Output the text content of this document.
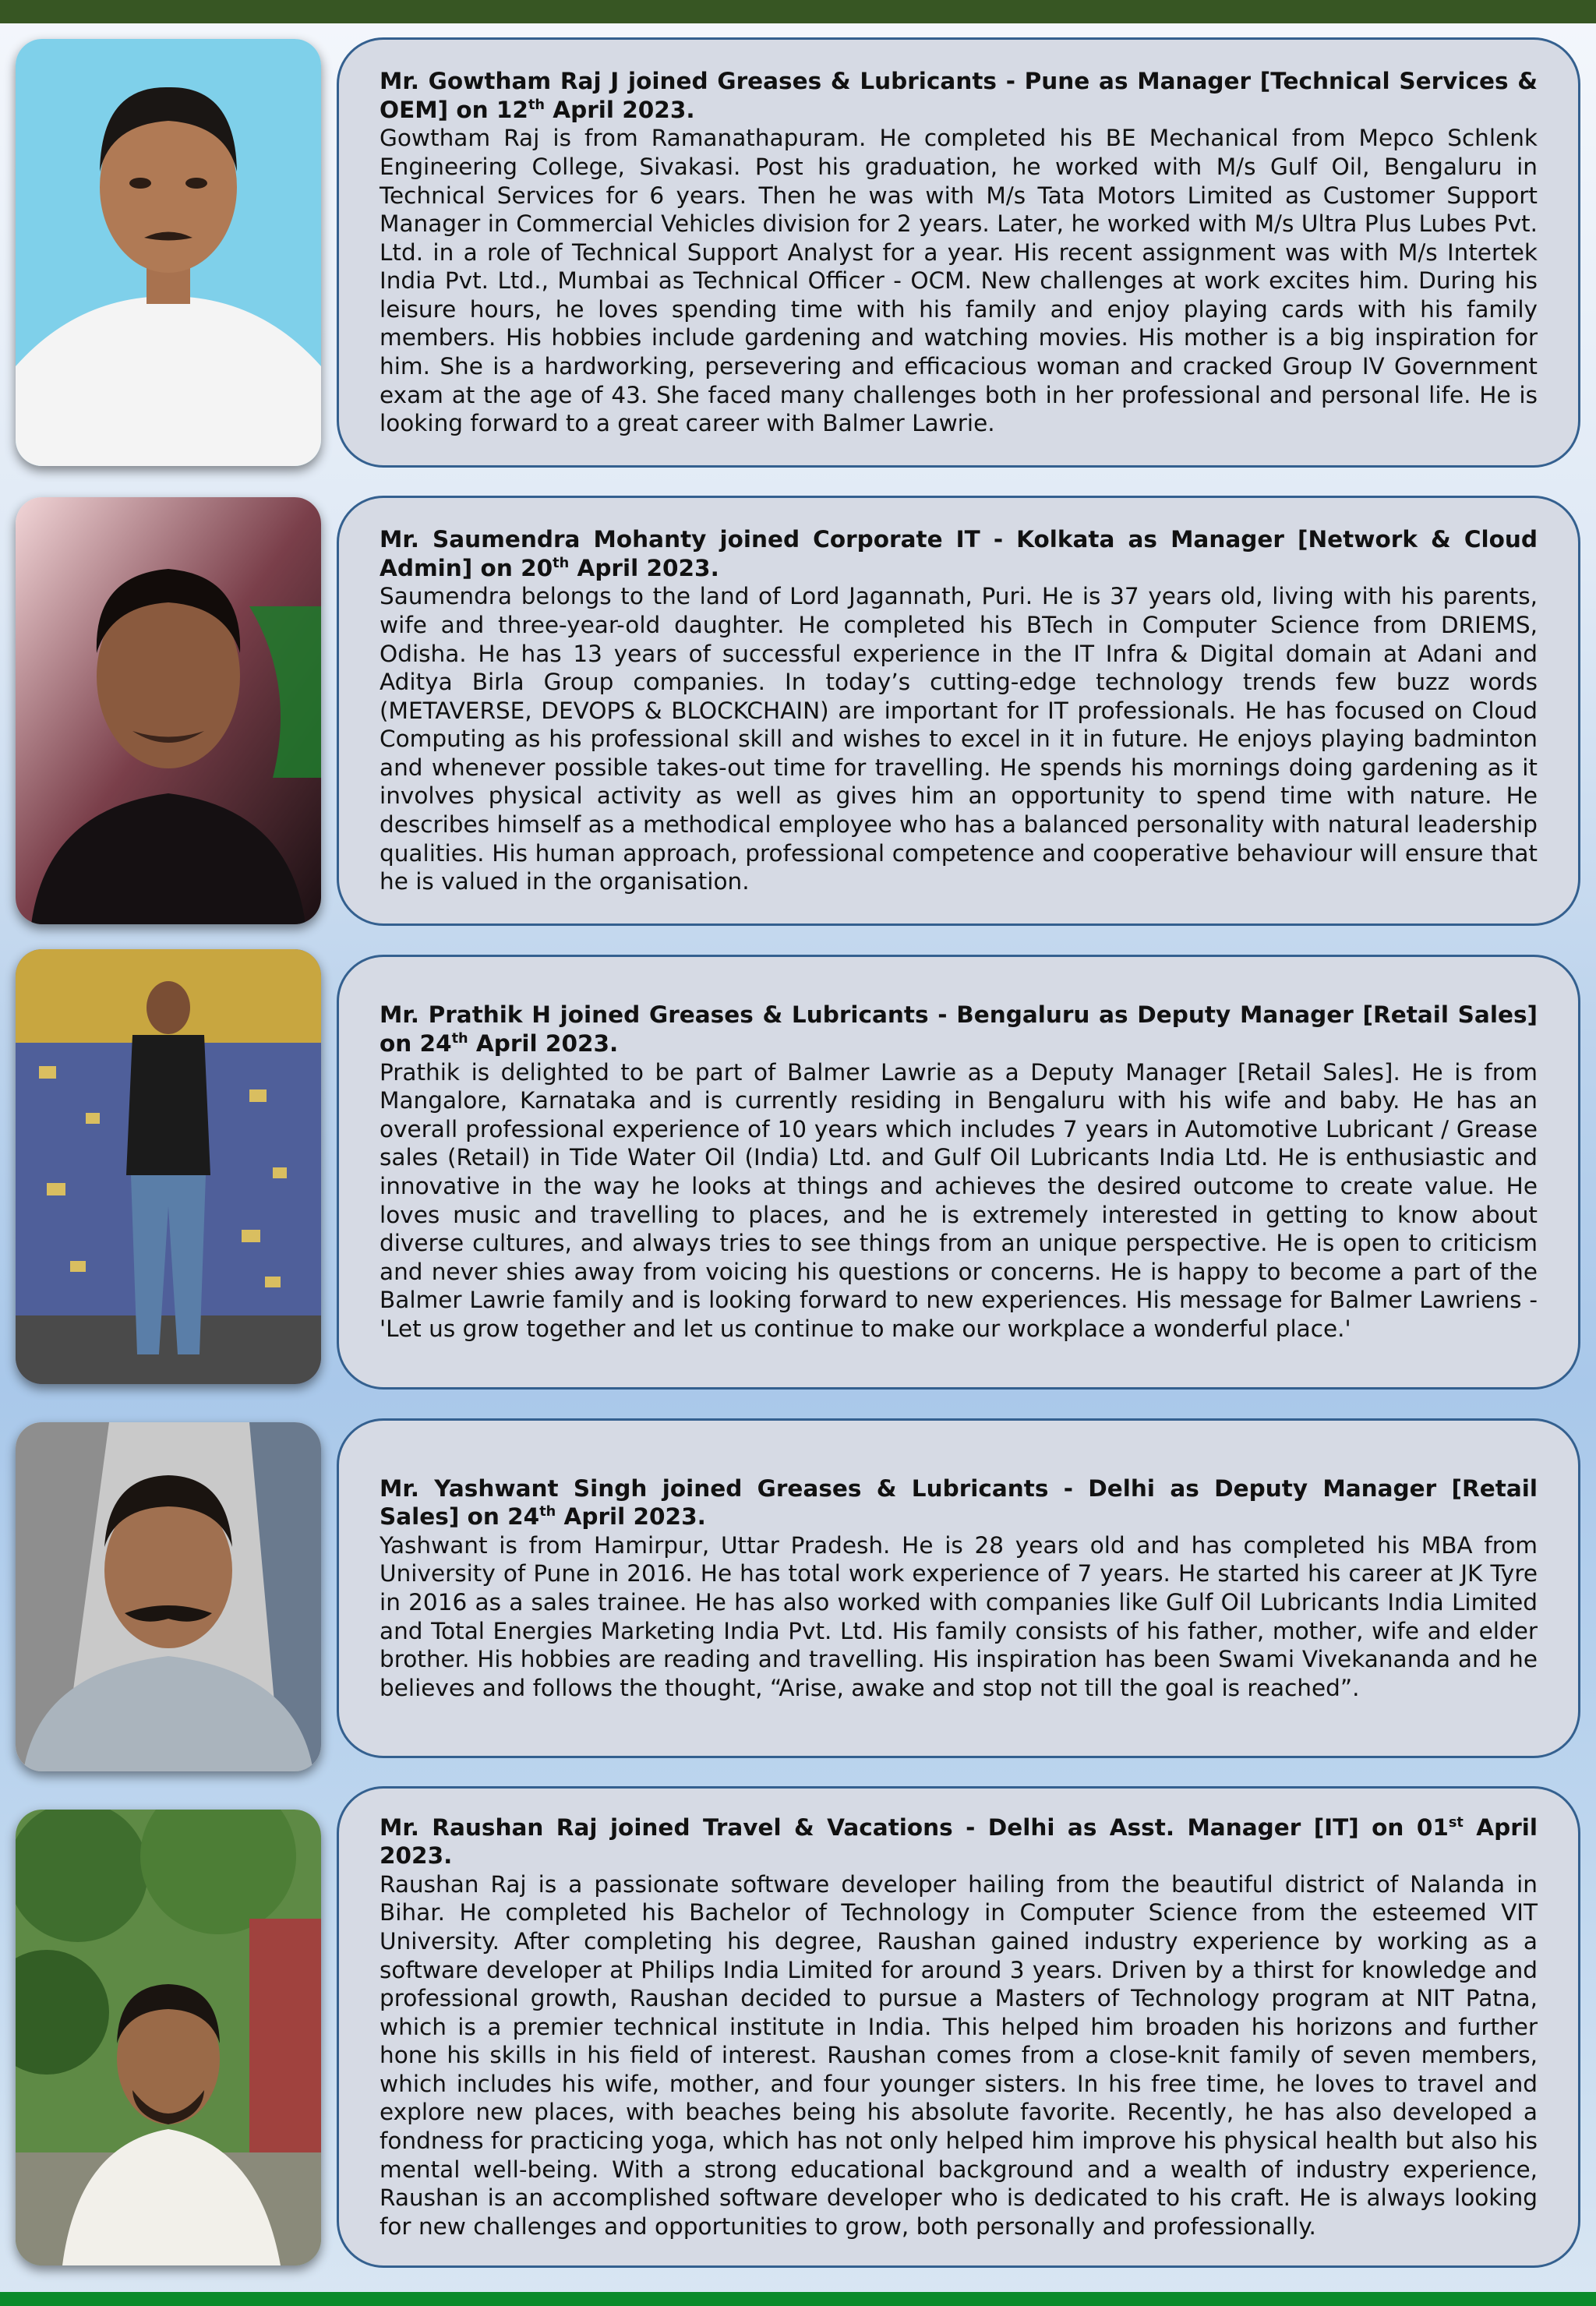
Mr. Gowtham Raj J joined Greases & Lubricants - Pune as Manager [Technical Services & OEM] on 12th April 2023.
Gowtham Raj is from Ramanathapuram. He completed his BE Mechanical from Mepco Schlenk Engineering College, Sivakasi. Post his graduation, he worked with M/s Gulf Oil, Bengaluru in Technical Services for 6 years. Then he was with M/s Tata Motors Limited as Customer Support Manager in Commercial Vehicles division for 2 years. Later, he worked with M/s Ultra Plus Lubes Pvt. Ltd. in a role of Technical Support Analyst for a year. His recent assignment was with M/s Intertek India Pvt. Ltd., Mumbai as Technical Officer - OCM. New challenges at work excites him. During his leisure hours, he loves spending time with his family and enjoy playing cards with his family members. His hobbies include gardening and watching movies. His mother is a big inspiration for him. She is a hardworking, persevering and efficacious woman and cracked Group IV Government exam at the age of 43. She faced many challenges both in her professional and personal life. He is looking forward to a great career with Balmer Lawrie.
Mr. Saumendra Mohanty joined Corporate IT - Kolkata as Manager [Network & Cloud Admin] on 20th April 2023.
Saumendra belongs to the land of Lord Jagannath, Puri. He is 37 years old, living with his parents, wife and three-year-old daughter. He completed his BTech in Computer Science from DRIEMS, Odisha. He has 13 years of successful experience in the IT Infra & Digital domain at Adani and Aditya Birla Group companies. In today’s cutting-edge technology trends few buzz words (METAVERSE, DEVOPS & BLOCKCHAIN) are important for IT professionals. He has focused on Cloud Computing as his professional skill and wishes to excel in it in future. He enjoys playing badminton and whenever possible takes-out time for travelling. He spends his mornings doing gardening as it involves physical activity as well as gives him an opportunity to spend time with nature. He describes himself as a methodical employee who has a balanced personality with natural leadership qualities. His human approach, professional competence and cooperative behaviour will ensure that he is valued in the organisation.
Mr. Prathik H joined Greases & Lubricants - Bengaluru as Deputy Manager [Retail Sales] on 24th April 2023.
Prathik is delighted to be part of Balmer Lawrie as a Deputy Manager [Retail Sales]. He is from Mangalore, Karnataka and is currently residing in Bengaluru with his wife and baby. He has an overall professional experience of 10 years which includes 7 years in Automotive Lubricant / Grease sales (Retail) in Tide Water Oil (India) Ltd. and Gulf Oil Lubricants India Ltd. He is enthusiastic and innovative in the way he looks at things and achieves the desired outcome to create value. He loves music and travelling to places, and he is extremely interested in getting to know about diverse cultures, and always tries to see things from an unique perspective. He is open to criticism and never shies away from voicing his questions or concerns. He is happy to become a part of the Balmer Lawrie family and is looking forward to new experiences. His message for Balmer Lawriens - 'Let us grow together and let us continue to make our workplace a wonderful place.'
Mr. Yashwant Singh joined Greases & Lubricants - Delhi as Deputy Manager [Retail Sales] on 24th April 2023.
Yashwant is from Hamirpur, Uttar Pradesh. He is 28 years old and has completed his MBA from University of Pune in 2016. He has total work experience of 7 years. He started his career at JK Tyre in 2016 as a sales trainee. He has also worked with companies like Gulf Oil Lubricants India Limited and Total Energies Marketing India Pvt. Ltd. His family consists of his father, mother, wife and elder brother. His hobbies are reading and travelling. His inspiration has been Swami Vivekananda and he believes and follows the thought, “Arise, awake and stop not till the goal is reached”.
Mr. Raushan Raj joined Travel & Vacations - Delhi as Asst. Manager [IT] on 01st April 2023.
Raushan Raj is a passionate software developer hailing from the beautiful district of Nalanda in Bihar. He completed his Bachelor of Technology in Computer Science from the esteemed VIT University. After completing his degree, Raushan gained industry experience by working as a software developer at Philips India Limited for around 3 years. Driven by a thirst for knowledge and professional growth, Raushan decided to pursue a Masters of Technology program at NIT Patna, which is a premier technical institute in India. This helped him broaden his horizons and further hone his skills in his field of interest. Raushan comes from a close-knit family of seven members, which includes his wife, mother, and four younger sisters. In his free time, he loves to travel and explore new places, with beaches being his absolute favorite. Recently, he has also developed a fondness for practicing yoga, which has not only helped him improve his physical health but also his mental well-being. With a strong educational background and a wealth of industry experience, Raushan is an accomplished software developer who is dedicated to his craft. He is always looking for new challenges and opportunities to grow, both personally and professionally.
